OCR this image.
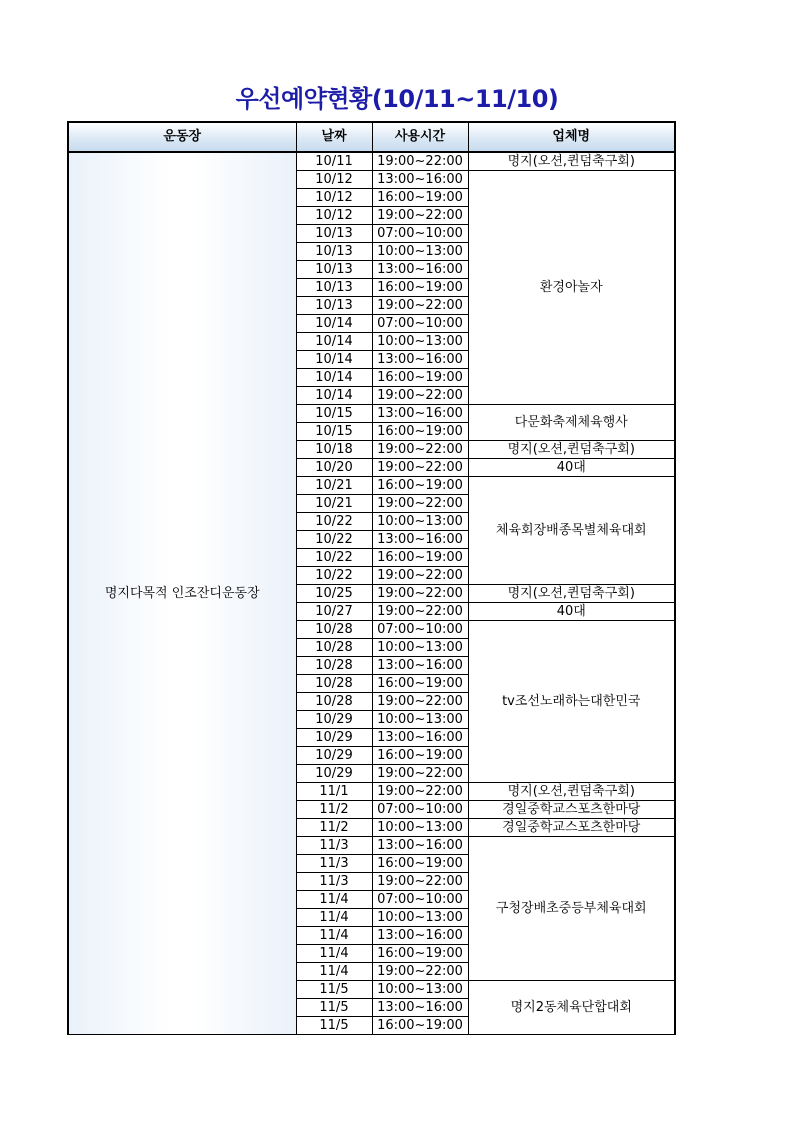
우선예약현황(10/11~11/10)
운동장	날짜	사용시간	업체명
명지다목적 인조잔디운동장	10/11	19:00~22:00	명지(오션,퀸덤축구회)
	10/12	13:00~16:00	환경아놀자
	10/12	16:00~19:00	
	10/12	19:00~22:00	
	10/13	07:00~10:00	
	10/13	10:00~13:00	
	10/13	13:00~16:00	
	10/13	16:00~19:00	
	10/13	19:00~22:00	
	10/14	07:00~10:00	
	10/14	10:00~13:00	
	10/14	13:00~16:00	
	10/14	16:00~19:00	
	10/14	19:00~22:00	
	10/15	13:00~16:00	다문화축제체육행사
	10/15	16:00~19:00	
	10/18	19:00~22:00	명지(오션,퀸덤축구회)
	10/20	19:00~22:00	40대
	10/21	16:00~19:00	체육회장배종목별체육대회
	10/21	19:00~22:00	
	10/22	10:00~13:00	
	10/22	13:00~16:00	
	10/22	16:00~19:00	
	10/22	19:00~22:00	
	10/25	19:00~22:00	명지(오션,퀸덤축구회)
	10/27	19:00~22:00	40대
	10/28	07:00~10:00	tv조선노래하는대한민국
	10/28	10:00~13:00	
	10/28	13:00~16:00	
	10/28	16:00~19:00	
	10/28	19:00~22:00	
	10/29	10:00~13:00	
	10/29	13:00~16:00	
	10/29	16:00~19:00	
	10/29	19:00~22:00	
	11/1	19:00~22:00	명지(오션,퀸덤축구회)
	11/2	07:00~10:00	경일중학교스포츠한마당
	11/2	10:00~13:00	경일중학교스포츠한마당
	11/3	13:00~16:00	구청장배초중등부체육대회
	11/3	16:00~19:00	
	11/3	19:00~22:00	
	11/4	07:00~10:00	
	11/4	10:00~13:00	
	11/4	13:00~16:00	
	11/4	16:00~19:00	
	11/4	19:00~22:00	
	11/5	10:00~13:00	명지2동체육단합대회
	11/5	13:00~16:00	
	11/5	16:00~19:00	
